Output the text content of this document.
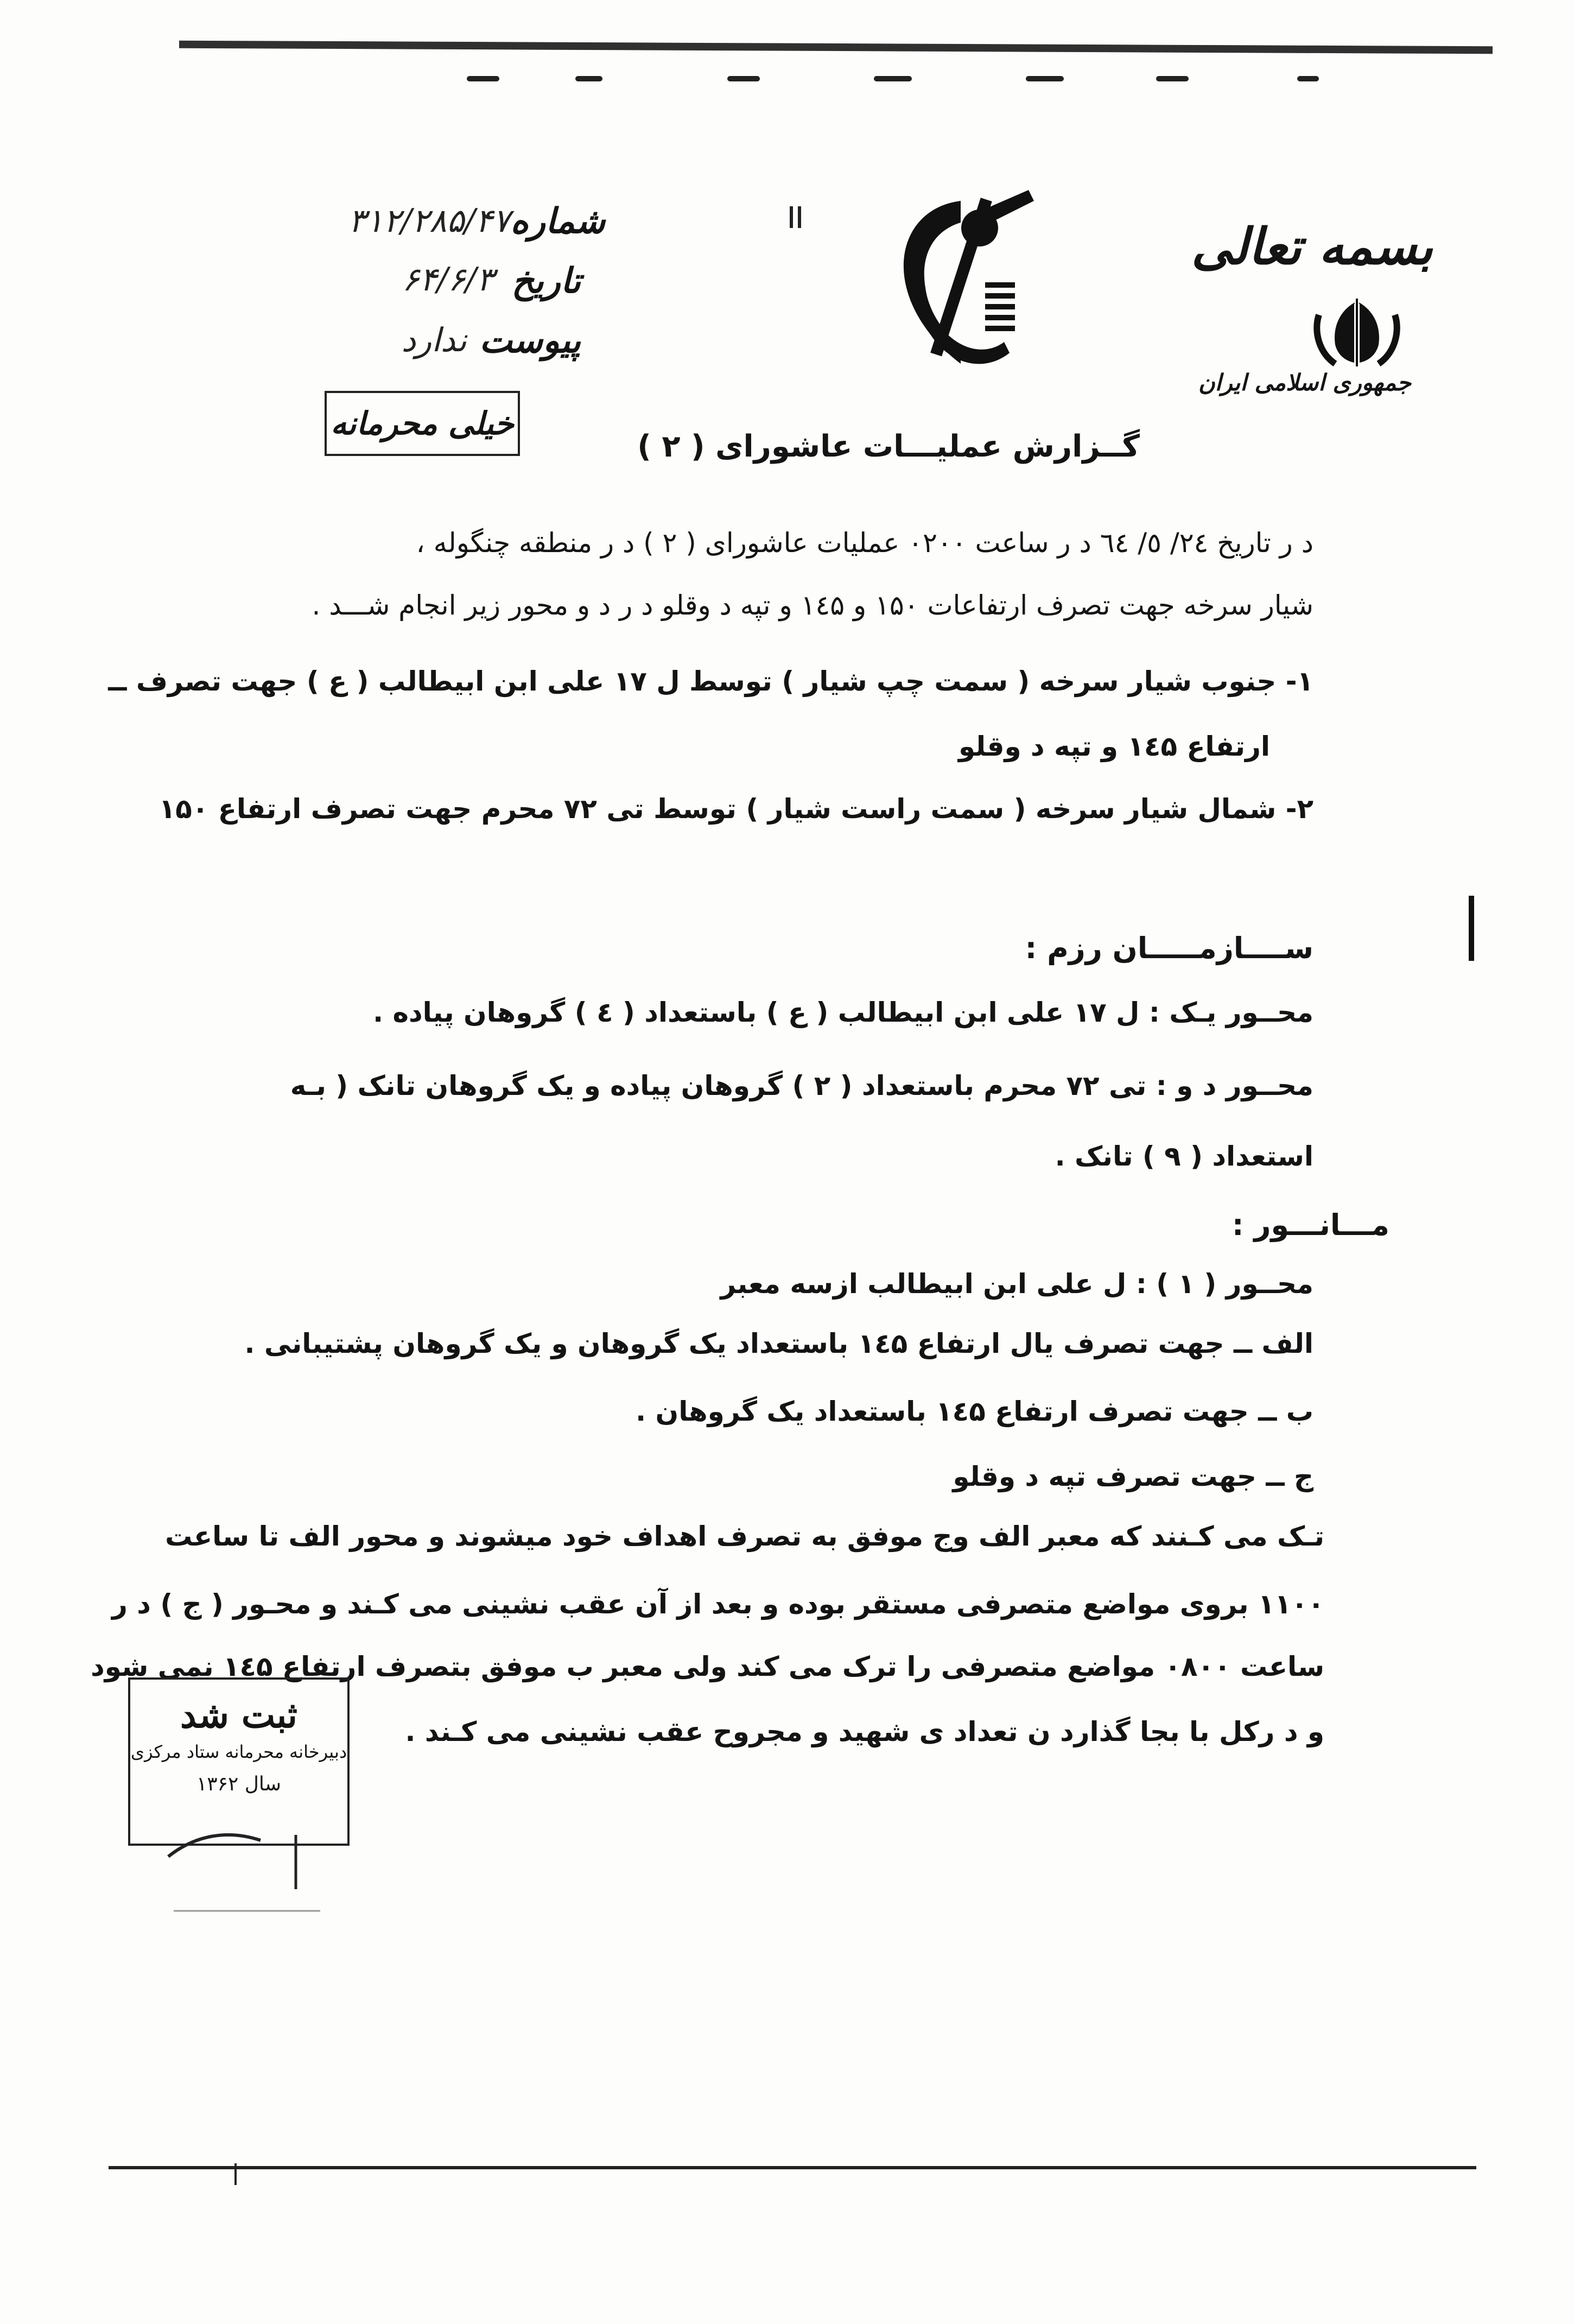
بسمه تعالی
جمهوری اسلامی ایران
شماره
۳۱۲/۲۸۵/۴۷
تاریخ
۶۴/۶/۳
پیوست
ندارد
خیلی محرمانه
گــزارش عملیـــات عاشورای ( ۲ )
د ر تاریخ ٢٤/ ٥/ ٦٤ د ر ساعت ٠٢٠٠ عملیات عاشورای ( ۲ ) د ر منطقه چنگوله ،
شیار سرخه جهت تصرف ارتفاعات ۱۵۰ و ۱٤۵ و تپه د وقلو د ر د و محور زیر انجام شـــد .
۱- جنوب شیار سرخه ( سمت چپ شیار ) توسط ل ۱۷ علی ابن ابیطالب ( ع ) جهت تصرف ــ
ارتفاع ۱٤۵ و تپه د وقلو
۲- شمال شیار سرخه ( سمت راست شیار ) توسط تی ۷۲ محرم جهت تصرف ارتفاع ۱۵۰
ســــازمـــــان رزم :
محــور یـک : ل ۱۷ علی ابن ابیطالب ( ع ) باستعداد ( ٤ ) گروهان پیاده .
محــور د و : تی ۷۲ محرم باستعداد ( ۲ ) گروهان پیاده و یک گروهان تانک ( بـه
استعداد ( ۹ ) تانک .
مـــانـــور :
محــور ( ۱ ) : ل علی ابن ابیطالب ازسه معبر
الف ــ جهت تصرف یال ارتفاع ۱٤۵ باستعداد یک گروهان و یک گروهان پشتیبانی .
ب ــ جهت تصرف ارتفاع ۱٤۵ باستعداد یک گروهان .
ج ــ جهت تصرف تپه د وقلو
تـک می کـنند که معبر الف وج موفق به تصرف اهداف خود میشوند و محور الف تا ساعت
۱۱۰۰ بروی مواضع متصرفی مستقر بوده و بعد از آن عقب نشینی می کـند و محـور ( ج ) د ر
ساعت ۰۸۰۰ مواضع متصرفی را ترک می کند ولی معبر ب موفق بتصرف ارتفاع ۱٤۵ نمی شود
و د رکل با بجا گذارد ن تعداد ی شهید و مجروح عقب نشینی می کـند .
ثبت شد
دبیرخانه محرمانه ستاد مرکزی
سال ۱۳۶۲
